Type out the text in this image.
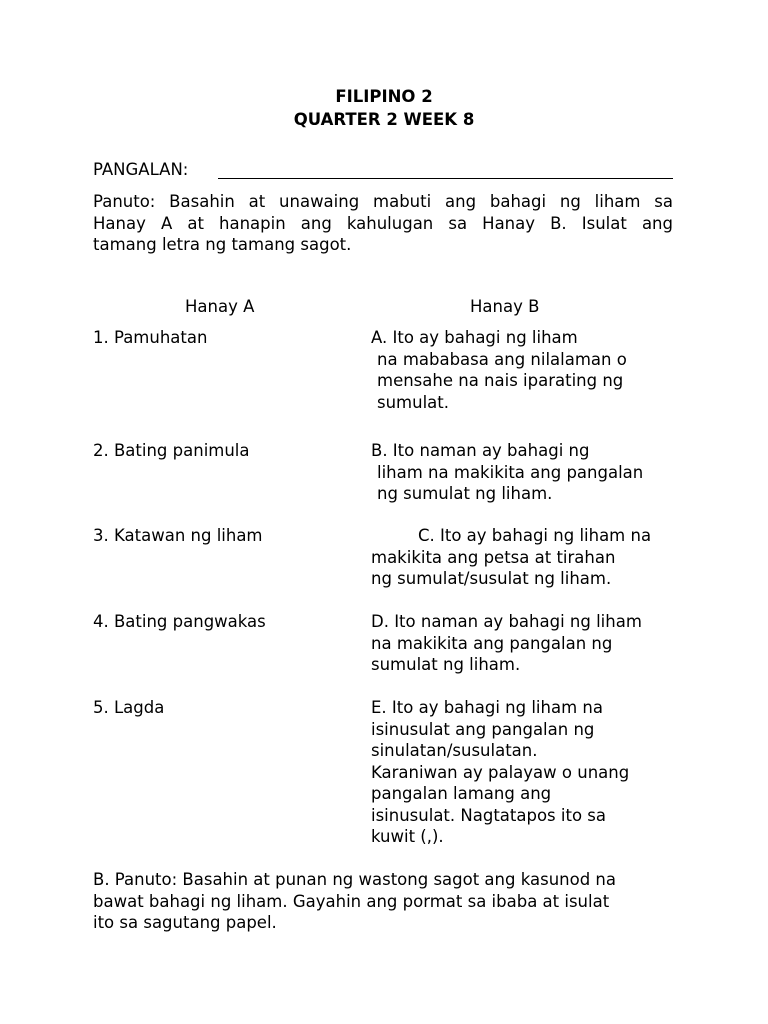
FILIPINO 2
QUARTER 2 WEEK 8
PANGALAN:
Panuto: Basahin at unawaing mabuti ang bahagi ng liham sa
Hanay A at hanapin ang kahulugan sa Hanay B. Isulat ang
tamang letra ng tamang sagot.
Hanay A	Hanay B
1. Pamuhatan
2. Bating panimula
3. Katawan ng liham
4. Bating pangwakas
5. Lagda
A. Ito ay bahagi ng liham
na mababasa ang nilalaman o
mensahe na nais iparating ng
sumulat.
B. Ito naman ay bahagi ng
liham na makikita ang pangalan
ng sumulat ng liham.
C. Ito ay bahagi ng liham na
makikita ang petsa at tirahan
ng sumulat/susulat ng liham.
D. Ito naman ay bahagi ng liham
na makikita ang pangalan ng
sumulat ng liham.
E. Ito ay bahagi ng liham na
isinusulat ang pangalan ng
sinulatan/susulatan.
Karaniwan ay palayaw o unang
pangalan lamang ang
isinusulat. Nagtatapos ito sa
kuwit (,).
B. Panuto: Basahin at punan ng wastong sagot ang kasunod na
bawat bahagi ng liham. Gayahin ang pormat sa ibaba at isulat
ito sa sagutang papel.
